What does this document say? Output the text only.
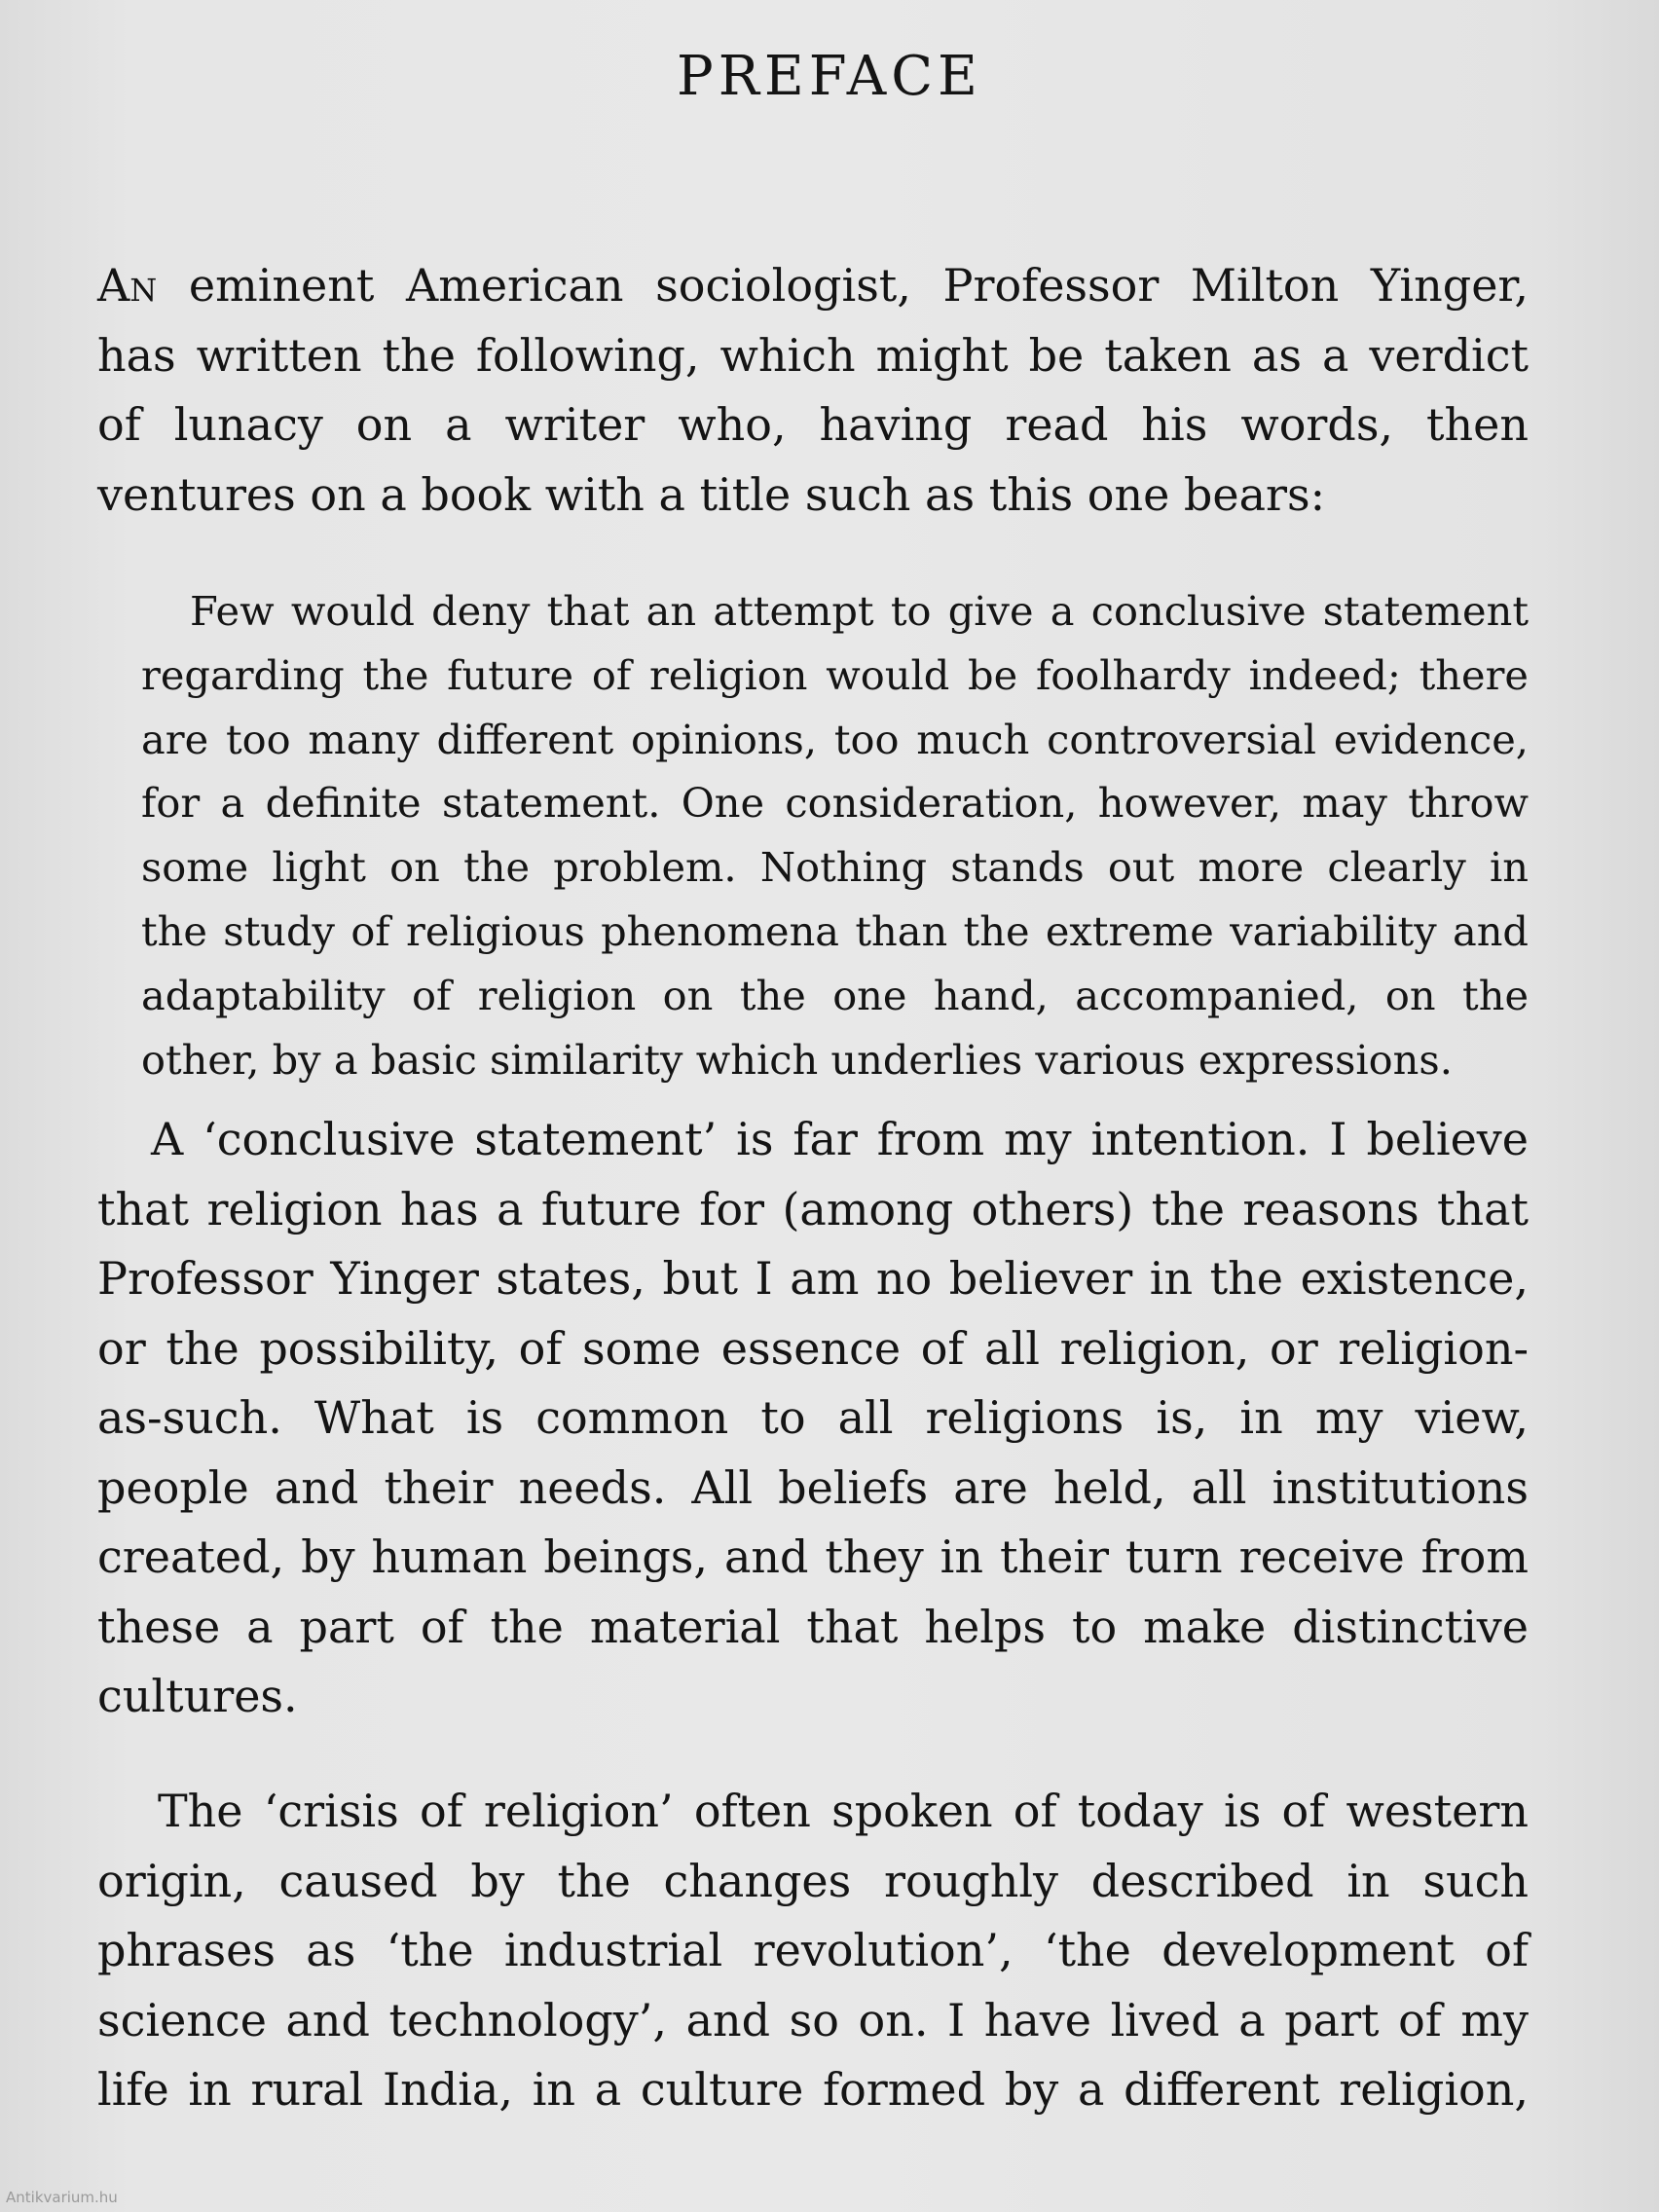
PREFACE
An eminent American sociologist, Professor Milton Yinger,
has written the following, which might be taken as a verdict
of lunacy on a writer who, having read his words, then
ventures on a book with a title such as this one bears:
Few would deny that an attempt to give a conclusive statement
regarding the future of religion would be foolhardy indeed; there
are too many different opinions, too much controversial evidence,
for a definite statement. One consideration, however, may throw
some light on the problem. Nothing stands out more clearly in
the study of religious phenomena than the extreme variability and
adaptability of religion on the one hand, accompanied, on the
other, by a basic similarity which underlies various expressions.
A ‘conclusive statement’ is far from my intention. I believe
that religion has a future for (among others) the reasons that
Professor Yinger states, but I am no believer in the existence,
or the possibility, of some essence of all religion, or religion-
as-such. What is common to all religions is, in my view,
people and their needs. All beliefs are held, all institutions
created, by human beings, and they in their turn receive from
these a part of the material that helps to make distinctive
cultures.
The ‘crisis of religion’ often spoken of today is of western
origin, caused by the changes roughly described in such
phrases as ‘the industrial revolution’, ‘the development of
science and technology’, and so on. I have lived a part of my
life in rural India, in a culture formed by a different religion,
Antikvarium.hu
